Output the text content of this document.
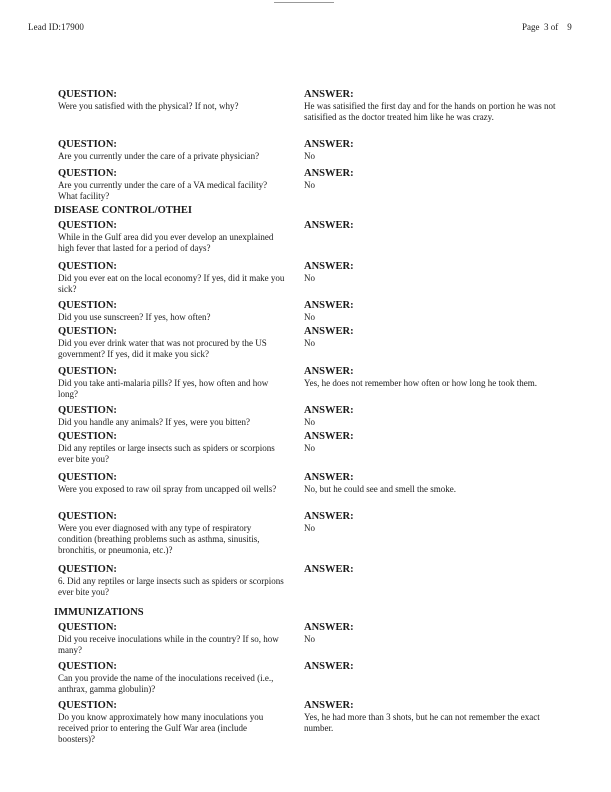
Lead ID:17900	Page 3 of 9
QUESTION:
Were you satisfied with the physical? If not, why?
ANSWER:
He was satisified the first day and for the hands on portion he was not satisified as the doctor treated him like he was crazy.
QUESTION:
Are you currently under the care of a private physician?
ANSWER:
No
QUESTION:
Are you currently under the care of a VA medical facility? What facility?
ANSWER:
No
DISEASE CONTROL/OTHEI
QUESTION:
While in the Gulf area did you ever develop an unexplained high fever that lasted for a period of days?
ANSWER:
QUESTION:
Did you ever eat on the local economy? If yes, did it make you sick?
ANSWER:
No
QUESTION:
Did you use sunscreen? If yes, how often?
ANSWER:
No
QUESTION:
Did you ever drink water that was not procured by the US government? If yes, did it make you sick?
ANSWER:
No
QUESTION:
Did you take anti-malaria pills? If yes, how often and how long?
ANSWER:
Yes, he does not remember how often or how long he took them.
QUESTION:
Did you handle any animals? If yes, were you bitten?
ANSWER:
No
QUESTION:
Did any reptiles or large insects such as spiders or scorpions ever bite you?
ANSWER:
No
QUESTION:
Were you exposed to raw oil spray from uncapped oil wells?
ANSWER:
No, but he could see and smell the smoke.
QUESTION:
Were you ever diagnosed with any type of respiratory condition (breathing problems such as asthma, sinusitis, bronchitis, or pneumonia, etc.)?
ANSWER:
No
QUESTION:
6. Did any reptiles or large insects such as spiders or scorpions ever bite you?
ANSWER:
IMMUNIZATIONS
QUESTION:
Did you receive inoculations while in the country? If so, how many?
ANSWER:
No
QUESTION:
Can you provide the name of the inoculations received (i.e., anthrax, gamma globulin)?
ANSWER:
QUESTION:
Do you know approximately how many inoculations you received prior to entering the Gulf War area (include boosters)?
ANSWER:
Yes, he had more than 3 shots, but he can not remember the exact number.
